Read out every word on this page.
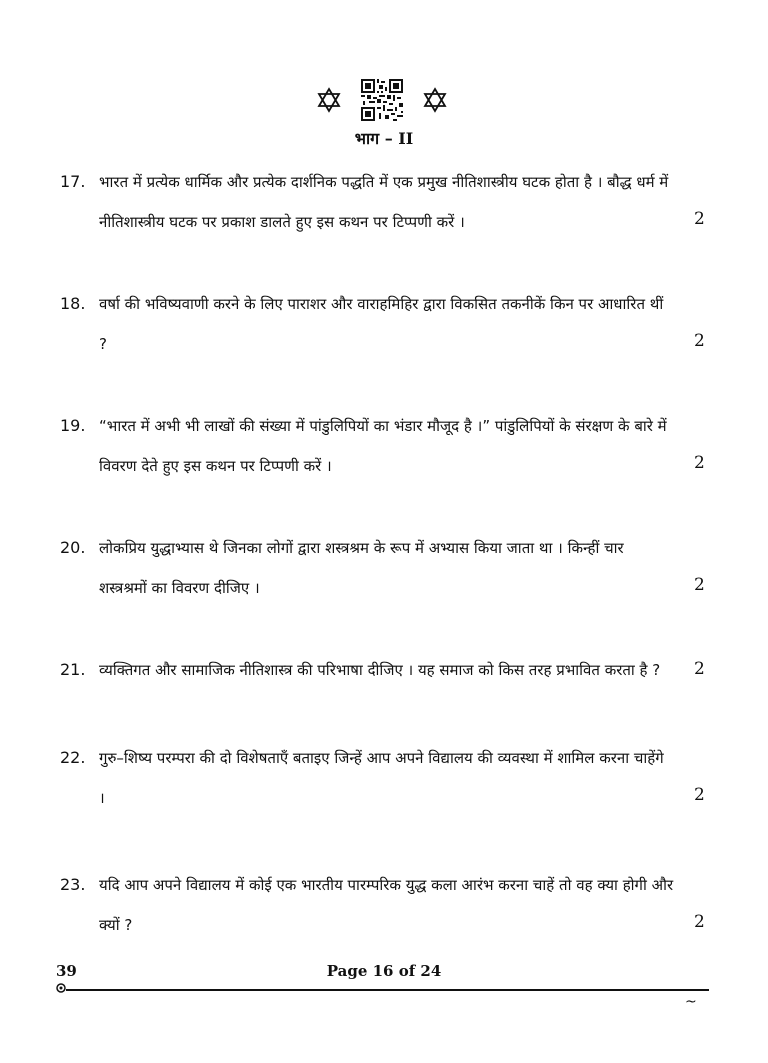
भाग – II
17. भारत में प्रत्येक धार्मिक और प्रत्येक दार्शनिक पद्धति में एक प्रमुख नीतिशास्त्रीय घटक होता है । बौद्ध धर्म में नीतिशास्त्रीय घटक पर प्रकाश डालते हुए इस कथन पर टिप्पणी करें ।	2
18. वर्षा की भविष्यवाणी करने के लिए पाराशर और वाराहमिहिर द्वारा विकसित तकनीकें किन पर आधारित थीं ?	2
19. “भारत में अभी भी लाखों की संख्या में पांडुलिपियों का भंडार मौजूद है ।” पांडुलिपियों के संरक्षण के बारे में विवरण देते हुए इस कथन पर टिप्पणी करें ।	2
20. लोकप्रिय युद्धाभ्यास थे जिनका लोगों द्वारा शस्त्रश्रम के रूप में अभ्यास किया जाता था । किन्हीं चार शस्त्रश्रमों का विवरण दीजिए ।	2
21. व्यक्तिगत और सामाजिक नीतिशास्त्र की परिभाषा दीजिए । यह समाज को किस तरह प्रभावित करता है ?	2
22. गुरु–शिष्य परम्परा की दो विशेषताएँ बताइए जिन्हें आप अपने विद्यालय की व्यवस्था में शामिल करना चाहेंगे ।	2
23. यदि आप अपने विद्यालय में कोई एक भारतीय पारम्परिक युद्ध कला आरंभ करना चाहें तो वह क्या होगी और क्यों ?	2
39	Page 16 of 24
~
